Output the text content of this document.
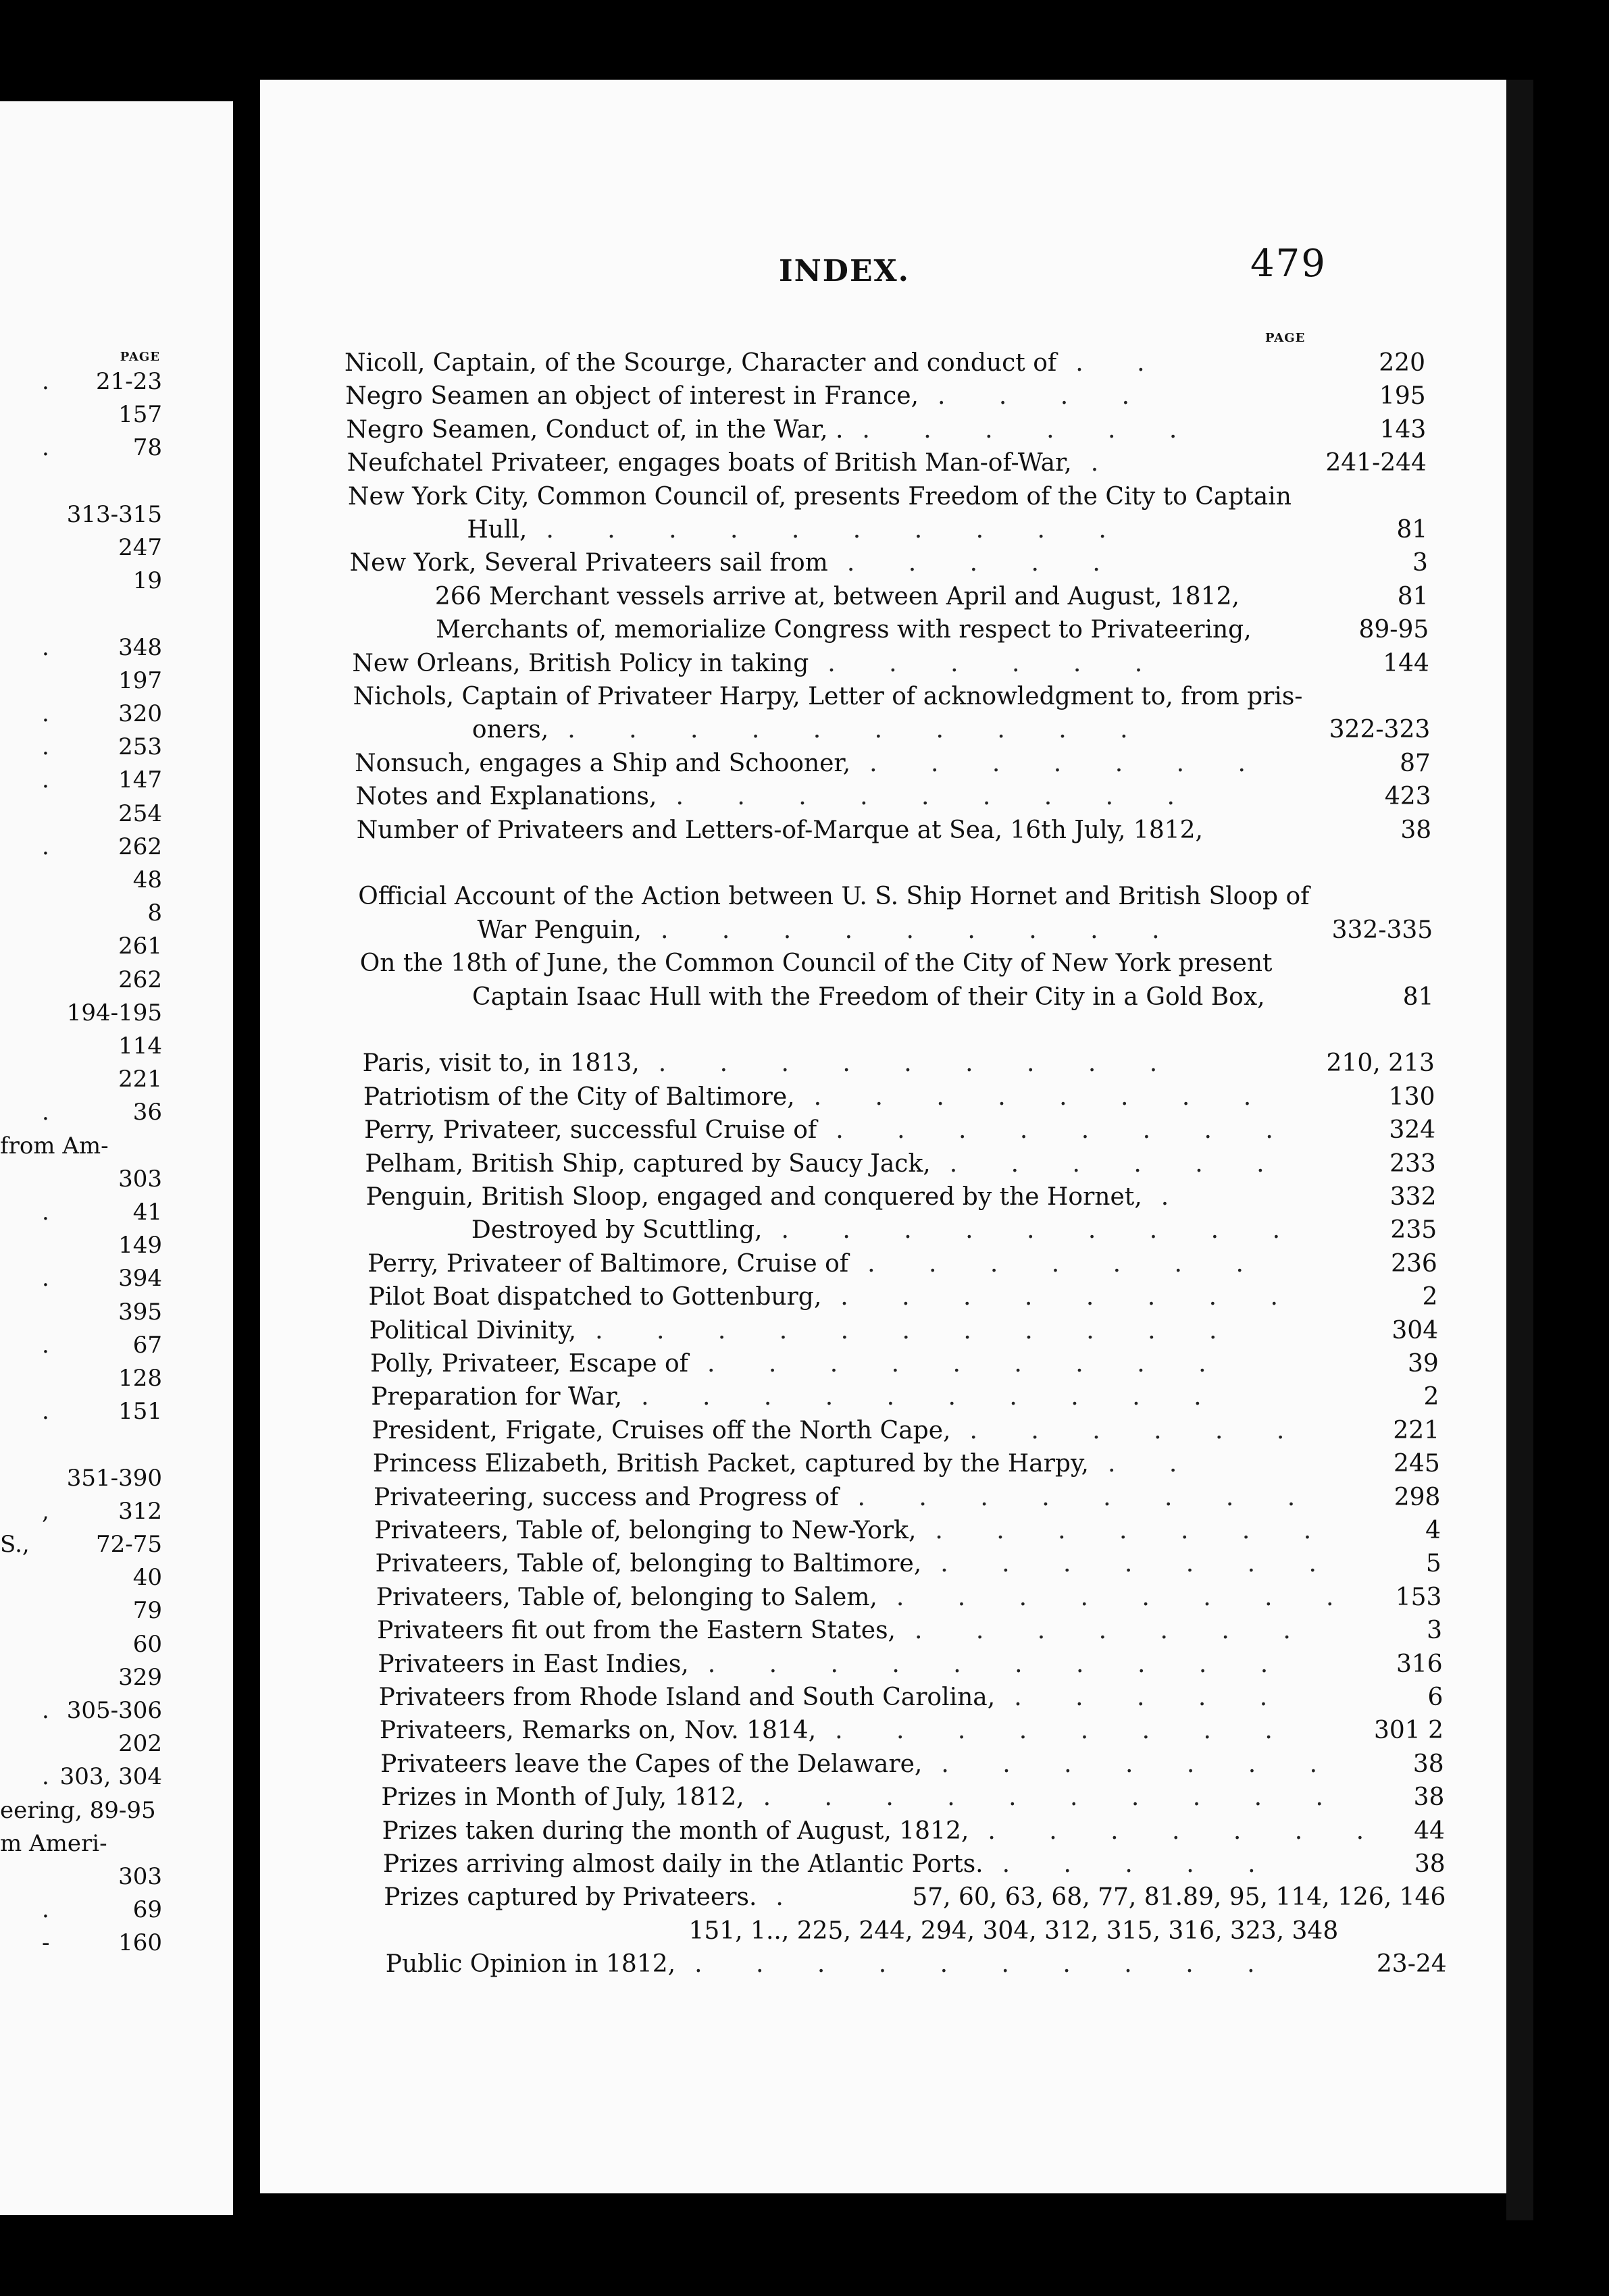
PAGE
. 21-23
157
.	78
313-315
247
19
.	348
197
.	320
.	253
.	147
254
.	262
48
8
261
262
194-195
114
221
.	36
from Am-
303
.	41
149
.	394
395
.	67
128
.	151
351-390
,	312
S.,	72-75
40
79
60
329
. 305-306
202
. 303, 304
eering, 89-95
m Ameri-
303
.	69
-	160
INDEX.	479
PAGE
Nicoll, Captain, of the Scourge, Character and conduct of . .	220
Negro Seamen an object of interest in France, . . . .	195
Negro Seamen, Conduct of, in the War, . . . . . . .	143
Neufchatel Privateer, engages boats of British Man-of-War, .	241-244
New York City, Common Council of, presents Freedom of the City to Captain
Hull, . . . . . . . . . .	81
New York, Several Privateers sail from . . . . .	3
266 Merchant vessels arrive at, between April and August, 1812,	81
Merchants of, memorialize Congress with respect to Privateering,	89-95
New Orleans, British Policy in taking . . . . . .	144
Nichols, Captain of Privateer Harpy, Letter of acknowledgment to, from pris-
oners, . . . . . . . . . .	322-323
Nonsuch, engages a Ship and Schooner, . . . . . . .	87
Notes and Explanations, . . . . . . . . .	423
Number of Privateers and Letters-of-Marque at Sea, 16th July, 1812,	38
Official Account of the Action between U. S. Ship Hornet and British Sloop of
War Penguin, . . . . . . . . .	332-335
On the 18th of June, the Common Council of the City of New York present
Captain Isaac Hull with the Freedom of their City in a Gold Box,	81
Paris, visit to, in 1813, . . . . . . . . .	210, 213
Patriotism of the City of Baltimore, . . . . . . . .	130
Perry, Privateer, successful Cruise of . . . . . . . .	324
Pelham, British Ship, captured by Saucy Jack, . . . . . .	233
Penguin, British Sloop, engaged and conquered by the Hornet, .	332
Destroyed by Scuttling, . . . . . . . . .	235
Perry, Privateer of Baltimore, Cruise of . . . . . . .	236
Pilot Boat dispatched to Gottenburg, . . . . . . . .	2
Political Divinity, . . . . . . . . . . .	304
Polly, Privateer, Escape of . . . . . . . . .	39
Preparation for War, . . . . . . . . . .	2
President, Frigate, Cruises off the North Cape, . . . . . .	221
Princess Elizabeth, British Packet, captured by the Harpy, . .	245
Privateering, success and Progress of . . . . . . . .	298
Privateers, Table of, belonging to New-York, . . . . . . .	4
Privateers, Table of, belonging to Baltimore, . . . . . . .	5
Privateers, Table of, belonging to Salem, . . . . . . . . 153
Privateers fit out from the Eastern States, . . . . . . .	3
Privateers in East Indies, . . . . . . . . . .	316
Privateers from Rhode Island and South Carolina, . . . . .	6
Privateers, Remarks on, Nov. 1814, . . . . . . . .	301 2
Privateers leave the Capes of the Delaware, . . . . . . .	38
Prizes in Month of July, 1812, . . . . . . . . . .	38
Prizes taken during the month of August, 1812, . . . . . . . 44
Prizes arriving almost daily in the Atlantic Ports. . . . . .	38
Prizes captured by Privateers. .	57, 60, 63, 68, 77, 81.89, 95, 114, 126, 146
151, 1.., 225, 244, 294, 304, 312, 315, 316, 323, 348
Public Opinion in 1812, . . . . . . . . . .	23-24
